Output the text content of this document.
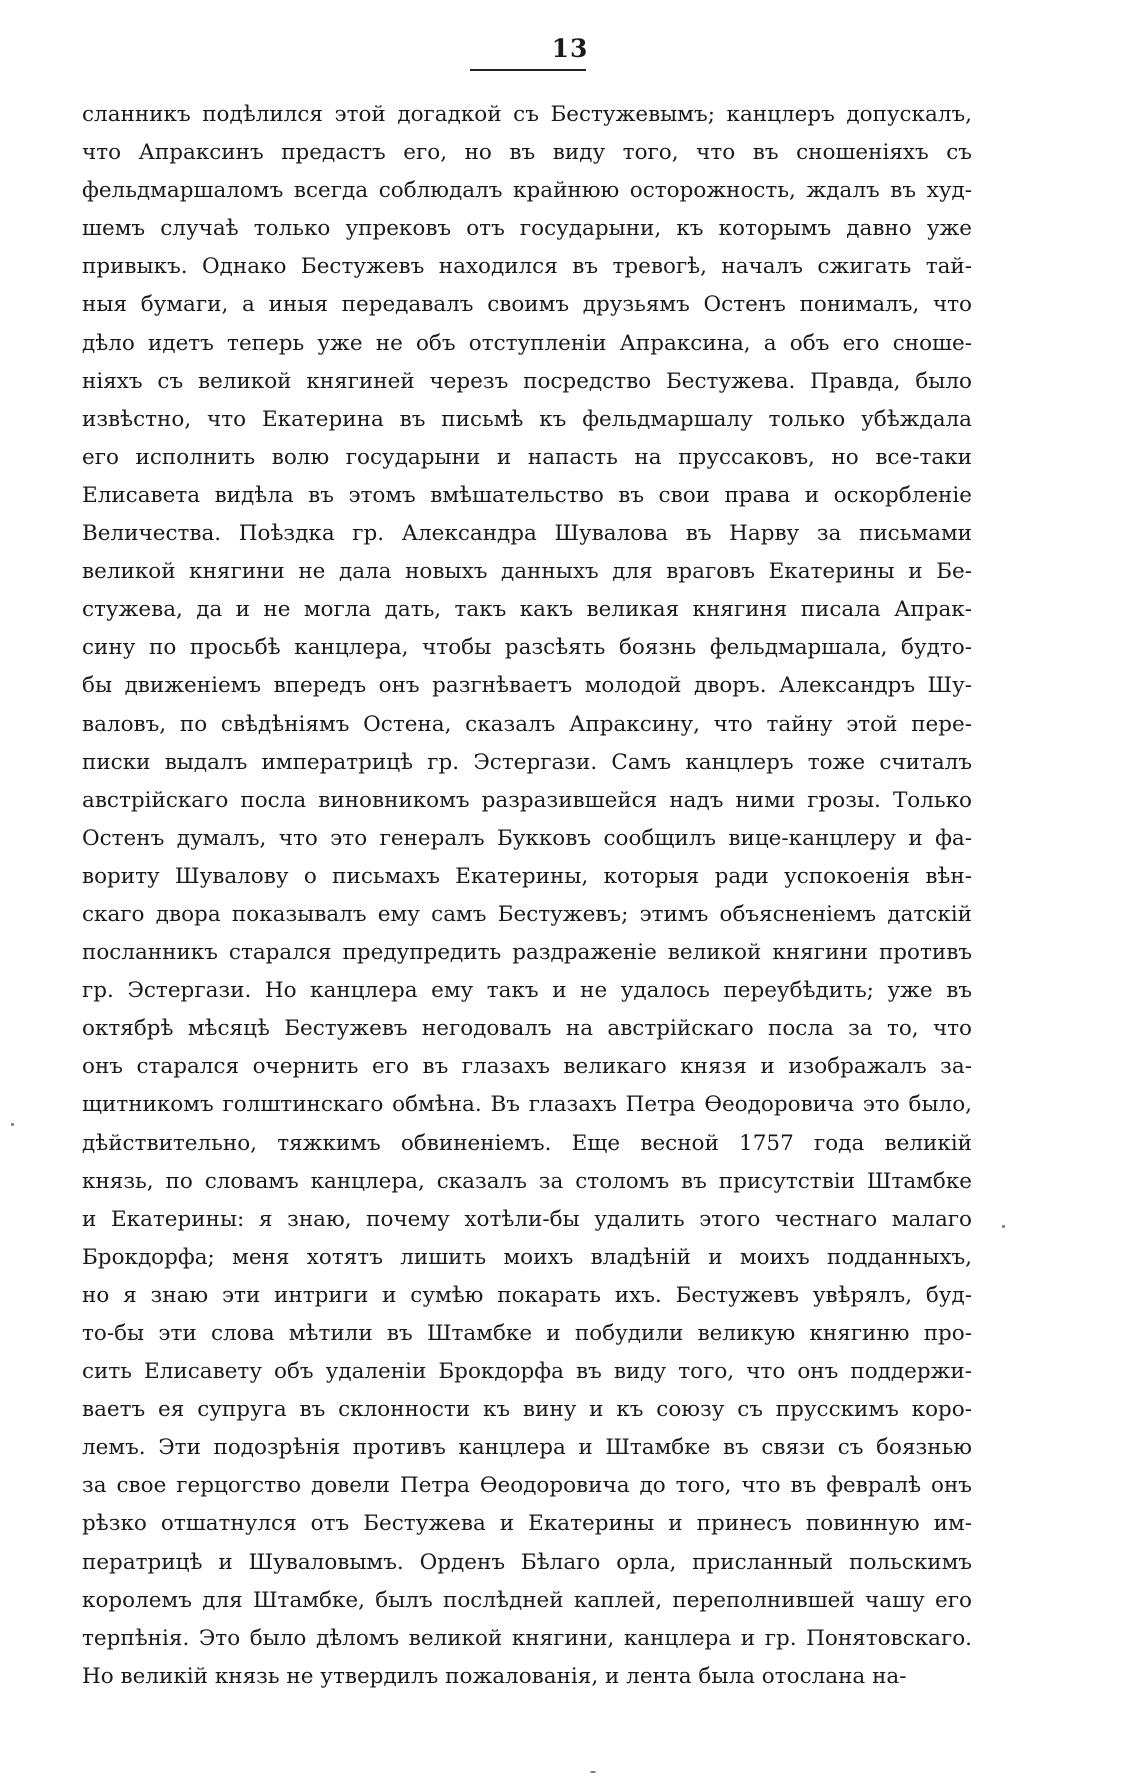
13
сланникъ подѣлился этой догадкой съ Бестужевымъ; канцлеръ допускалъ,
что Апраксинъ предастъ его, но въ виду того, что въ сношеніяхъ съ
фельдмаршаломъ всегда соблюдалъ крайнюю осторожность, ждалъ въ худ-
шемъ случаѣ только упрековъ отъ государыни, къ которымъ давно уже
привыкъ. Однако Бестужевъ находился въ тревогѣ, началъ сжигать тай-
ныя бумаги, а иныя передавалъ своимъ друзьямъ Остенъ понималъ, что
дѣло идетъ теперь уже не объ отступленіи Апраксина, а объ его сноше-
ніяхъ съ великой княгиней черезъ посредство Бестужева. Правда, было
извѣстно, что Екатерина въ письмѣ къ фельдмаршалу только убѣждала
его исполнить волю государыни и напасть на пруссаковъ, но все-таки
Елисавета видѣла въ этомъ вмѣшательство въ свои права и оскорбленіе
Величества. Поѣздка гр. Александра Шувалова въ Нарву за письмами
великой княгини не дала новыхъ данныхъ для враговъ Екатерины и Бе-
стужева, да и не могла дать, такъ какъ великая княгиня писала Апрак-
сину по просьбѣ канцлера, чтобы разсѣять боязнь фельдмаршала, будто-
бы движеніемъ впередъ онъ разгнѣваетъ молодой дворъ. Александръ Шу-
валовъ, по свѣдѣніямъ Остена, сказалъ Апраксину, что тайну этой пере-
писки выдалъ императрицѣ гр. Эстергази. Самъ канцлеръ тоже считалъ
австрійскаго посла виновникомъ разразившейся надъ ними грозы. Только
Остенъ думалъ, что это генералъ Букковъ сообщилъ вице-канцлеру и фа-
вориту Шувалову о письмахъ Екатерины, которыя ради успокоенія вѣн-
скаго двора показывалъ ему самъ Бестужевъ; этимъ объясненіемъ датскій
посланникъ старался предупредить раздраженіе великой княгини противъ
гр. Эстергази. Но канцлера ему такъ и не удалось переубѣдить; уже въ
октябрѣ мѣсяцѣ Бестужевъ негодовалъ на австрійскаго посла за то, что
онъ старался очернить его въ глазахъ великаго князя и изображалъ за-
щитникомъ голштинскаго обмѣна. Въ глазахъ Петра Ѳеодоровича это было,
дѣйствительно, тяжкимъ обвиненіемъ. Еще весной 1757 года великій
князь, по словамъ канцлера, сказалъ за столомъ въ присутствіи Штамбке
и Екатерины: я знаю, почему хотѣли-бы удалить этого честнаго малаго
Брокдорфа; меня хотятъ лишить моихъ владѣній и моихъ подданныхъ,
но я знаю эти интриги и сумѣю покарать ихъ. Бестужевъ увѣрялъ, буд-
то-бы эти слова мѣтили въ Штамбке и побудили великую княгиню про-
сить Елисавету объ удаленіи Брокдорфа въ виду того, что онъ поддержи-
ваетъ ея супруга въ склонности къ вину и къ союзу съ прусскимъ коро-
лемъ. Эти подозрѣнія противъ канцлера и Штамбке въ связи съ боязнью
за свое герцогство довели Петра Ѳеодоровича до того, что въ февралѣ онъ
рѣзко отшатнулся отъ Бестужева и Екатерины и принесъ повинную им-
ператрицѣ и Шуваловымъ. Орденъ Бѣлаго орла, присланный польскимъ
королемъ для Штамбке, былъ послѣдней каплей, переполнившей чашу его
терпѣнія. Это было дѣломъ великой княгини, канцлера и гр. Понятовскаго.
Но великій князь не утвердилъ пожалованія, и лента была отослана на-
